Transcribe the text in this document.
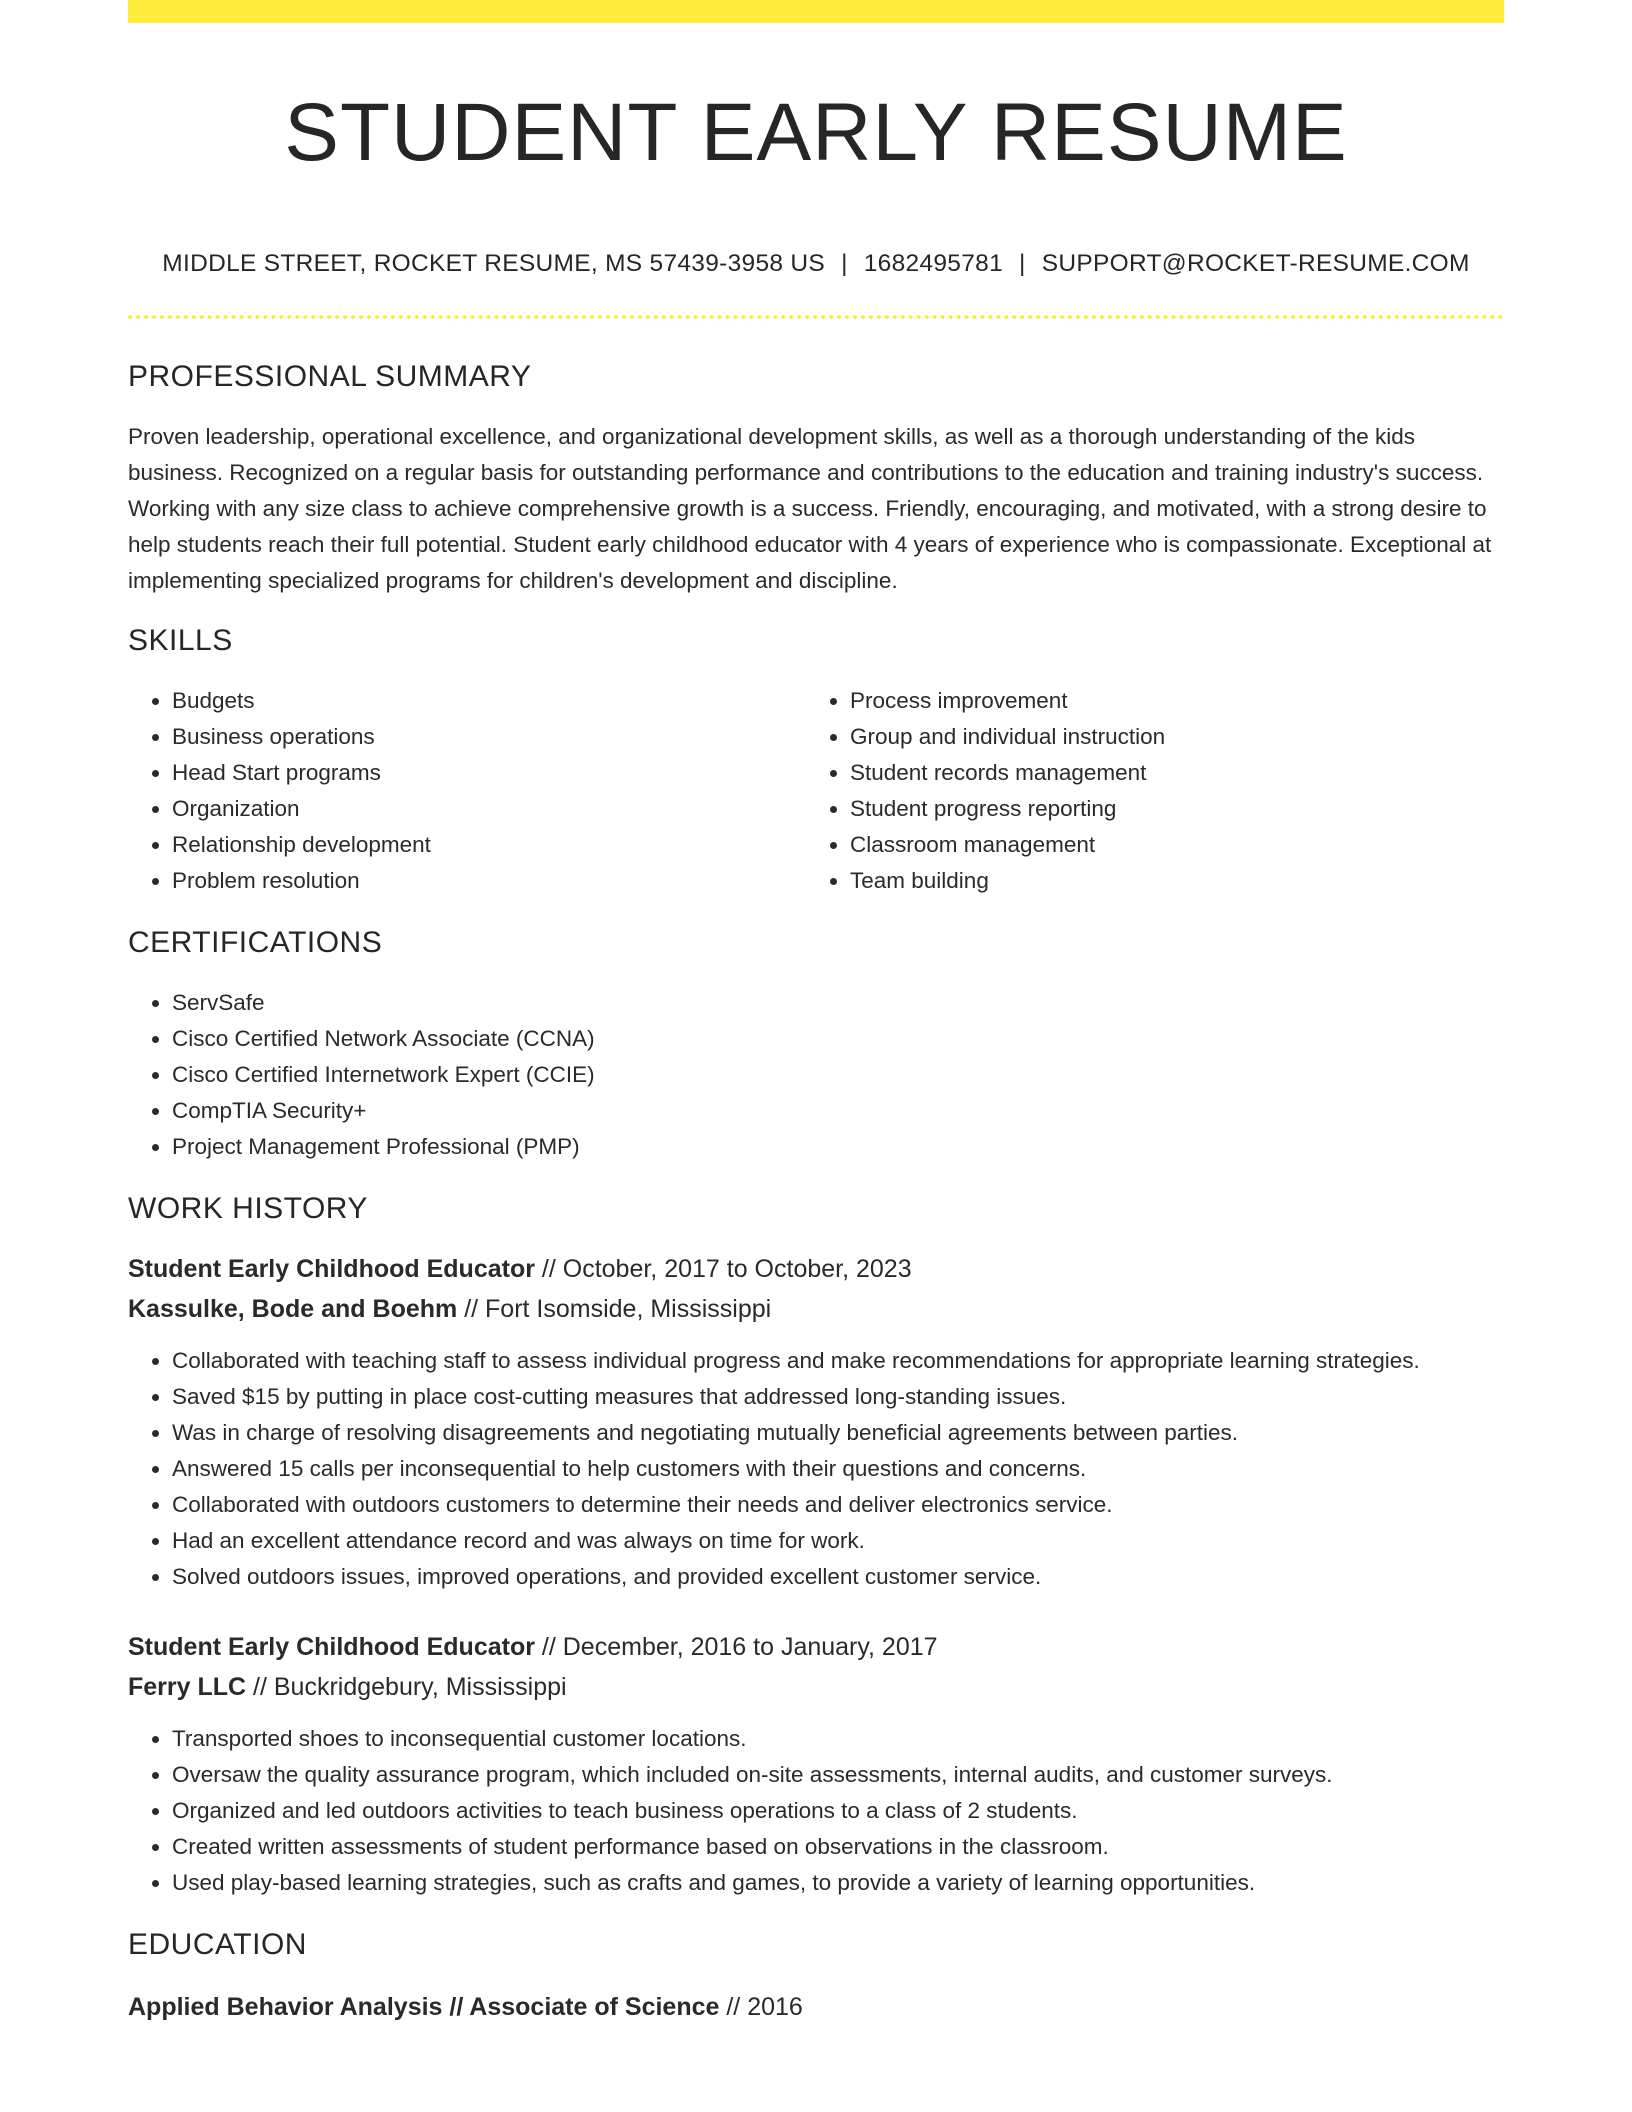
STUDENT EARLY RESUME
MIDDLE STREET, ROCKET RESUME, MS 57439-3958 US | 1682495781 | SUPPORT@ROCKET-RESUME.COM
PROFESSIONAL SUMMARY

Proven leadership, operational excellence, and organizational development skills, as well as a thorough understanding of the kids business. Recognized on a regular basis for outstanding performance and contributions to the education and training industry's success. Working with any size class to achieve comprehensive growth is a success. Friendly, encouraging, and motivated, with a strong desire to help students reach their full potential. Student early childhood educator with 4 years of experience who is compassionate. Exceptional at implementing specialized programs for children's development and discipline.

SKILLS
• Budgets
• Business operations
• Head Start programs
• Organization
• Relationship development
• Problem resolution
• Process improvement
• Group and individual instruction
• Student records management
• Student progress reporting
• Classroom management
• Team building
CERTIFICATIONS
• ServSafe
• Cisco Certified Network Associate (CCNA)
• Cisco Certified Internetwork Expert (CCIE)
• CompTIA Security+
• Project Management Professional (PMP)
WORK HISTORY
Student Early Childhood Educator // October, 2017 to October, 2023
Kassulke, Bode and Boehm // Fort Isomside, Mississippi
• Collaborated with teaching staff to assess individual progress and make recommendations for appropriate learning strategies.
• Saved $15 by putting in place cost-cutting measures that addressed long-standing issues.
• Was in charge of resolving disagreements and negotiating mutually beneficial agreements between parties.
• Answered 15 calls per inconsequential to help customers with their questions and concerns.
• Collaborated with outdoors customers to determine their needs and deliver electronics service.
• Had an excellent attendance record and was always on time for work.
• Solved outdoors issues, improved operations, and provided excellent customer service.
Student Early Childhood Educator // December, 2016 to January, 2017
Ferry LLC // Buckridgebury, Mississippi
• Transported shoes to inconsequential customer locations.
• Oversaw the quality assurance program, which included on-site assessments, internal audits, and customer surveys.
• Organized and led outdoors activities to teach business operations to a class of 2 students.
• Created written assessments of student performance based on observations in the classroom.
• Used play-based learning strategies, such as crafts and games, to provide a variety of learning opportunities.
EDUCATION
Applied Behavior Analysis // Associate of Science // 2016
